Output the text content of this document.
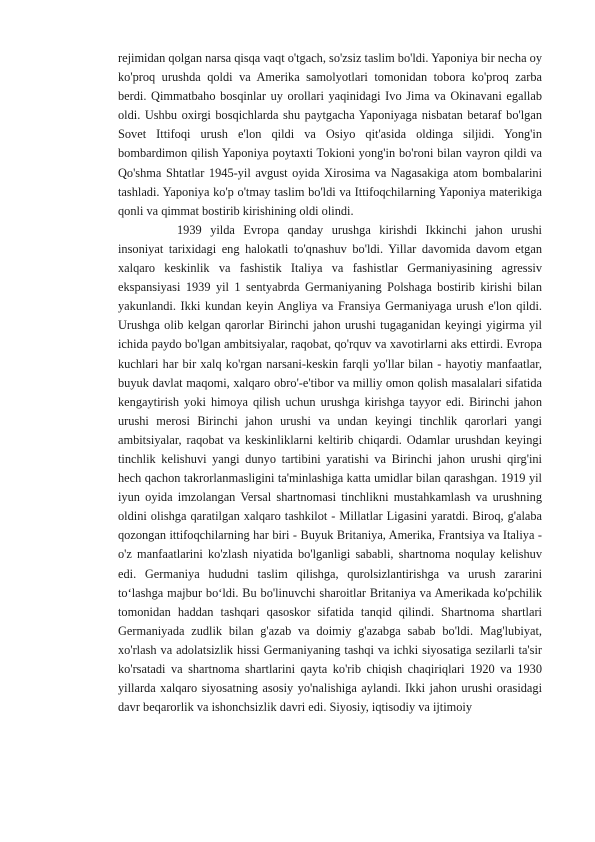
rejimidan qolgan narsa qisqa vaqt o'tgach, so'zsiz taslim bo'ldi. Yaponiya bir necha oy ko'proq urushda qoldi va Amerika samolyotlari tomonidan tobora ko'proq zarba berdi. Qimmatbaho bosqinlar uy orollari yaqinidagi Ivo Jima va Okinavani egallab oldi. Ushbu oxirgi bosqichlarda shu paytgacha Yaponiyaga nisbatan betaraf bo'lgan Sovet Ittifoqi urush e'lon qildi va Osiyo qit'asida oldinga siljidi. Yong'in bombardimon qilish Yaponiya poytaxti Tokioni yong'in bo'roni bilan vayron qildi va Qo'shma Shtatlar 1945-yil avgust oyida Xirosima va Nagasakiga atom bombalarini tashladi. Yaponiya ko'p o'tmay taslim bo'ldi va Ittifoqchilarning Yaponiya materikiga qonli va qimmat bostirib kirishining oldi olindi.

1939 yilda Evropa qanday urushga kirishdi Ikkinchi jahon urushi insoniyat tarixidagi eng halokatli to'qnashuv bo'ldi. Yillar davomida davom etgan xalqaro keskinlik va fashistik Italiya va fashistlar Germaniyasining agressiv ekspansiyasi 1939 yil 1 sentyabrda Germaniyaning Polshaga bostirib kirishi bilan yakunlandi. Ikki kundan keyin Angliya va Fransiya Germaniyaga urush e'lon qildi. Urushga olib kelgan qarorlar Birinchi jahon urushi tugaganidan keyingi yigirma yil ichida paydo bo'lgan ambitsiyalar, raqobat, qo'rquv va xavotirlarni aks ettirdi. Evropa kuchlari har bir xalq ko'rgan narsani-keskin farqli yo'llar bilan - hayotiy manfaatlar, buyuk davlat maqomi, xalqaro obro'-e'tibor va milliy omon qolish masalalari sifatida kengaytirish yoki himoya qilish uchun urushga kirishga tayyor edi. Birinchi jahon urushi merosi Birinchi jahon urushi va undan keyingi tinchlik qarorlari yangi ambitsiyalar, raqobat va keskinliklarni keltirib chiqardi. Odamlar urushdan keyingi tinchlik kelishuvi yangi dunyo tartibini yaratishi va Birinchi jahon urushi qirg'ini hech qachon takrorlanmasligini ta'minlashiga katta umidlar bilan qarashgan. 1919 yil iyun oyida imzolangan Versal shartnomasi tinchlikni mustahkamlash va urushning oldini olishga qaratilgan xalqaro tashkilot - Millatlar Ligasini yaratdi. Biroq, g'alaba qozongan ittifoqchilarning har biri - Buyuk Britaniya, Amerika, Frantsiya va Italiya - o'z manfaatlarini ko'zlash niyatida bo'lganligi sababli, shartnoma noqulay kelishuv edi. Germaniya hududni taslim qilishga, qurolsizlantirishga va urush zararini to‘lashga majbur bo‘ldi. Bu bo'linuvchi sharoitlar Britaniya va Amerikada ko'pchilik tomonidan haddan tashqari qasoskor sifatida tanqid qilindi. Shartnoma shartlari Germaniyada zudlik bilan g'azab va doimiy g'azabga sabab bo'ldi. Mag'lubiyat, xo'rlash va adolatsizlik hissi Germaniyaning tashqi va ichki siyosatiga sezilarli ta'sir ko'rsatadi va shartnoma shartlarini qayta ko'rib chiqish chaqiriqlari 1920 va 1930 yillarda xalqaro siyosatning asosiy yo'nalishiga aylandi. Ikki jahon urushi orasidagi davr beqarorlik va ishonchsizlik davri edi. Siyosiy, iqtisodiy va ijtimoiy
